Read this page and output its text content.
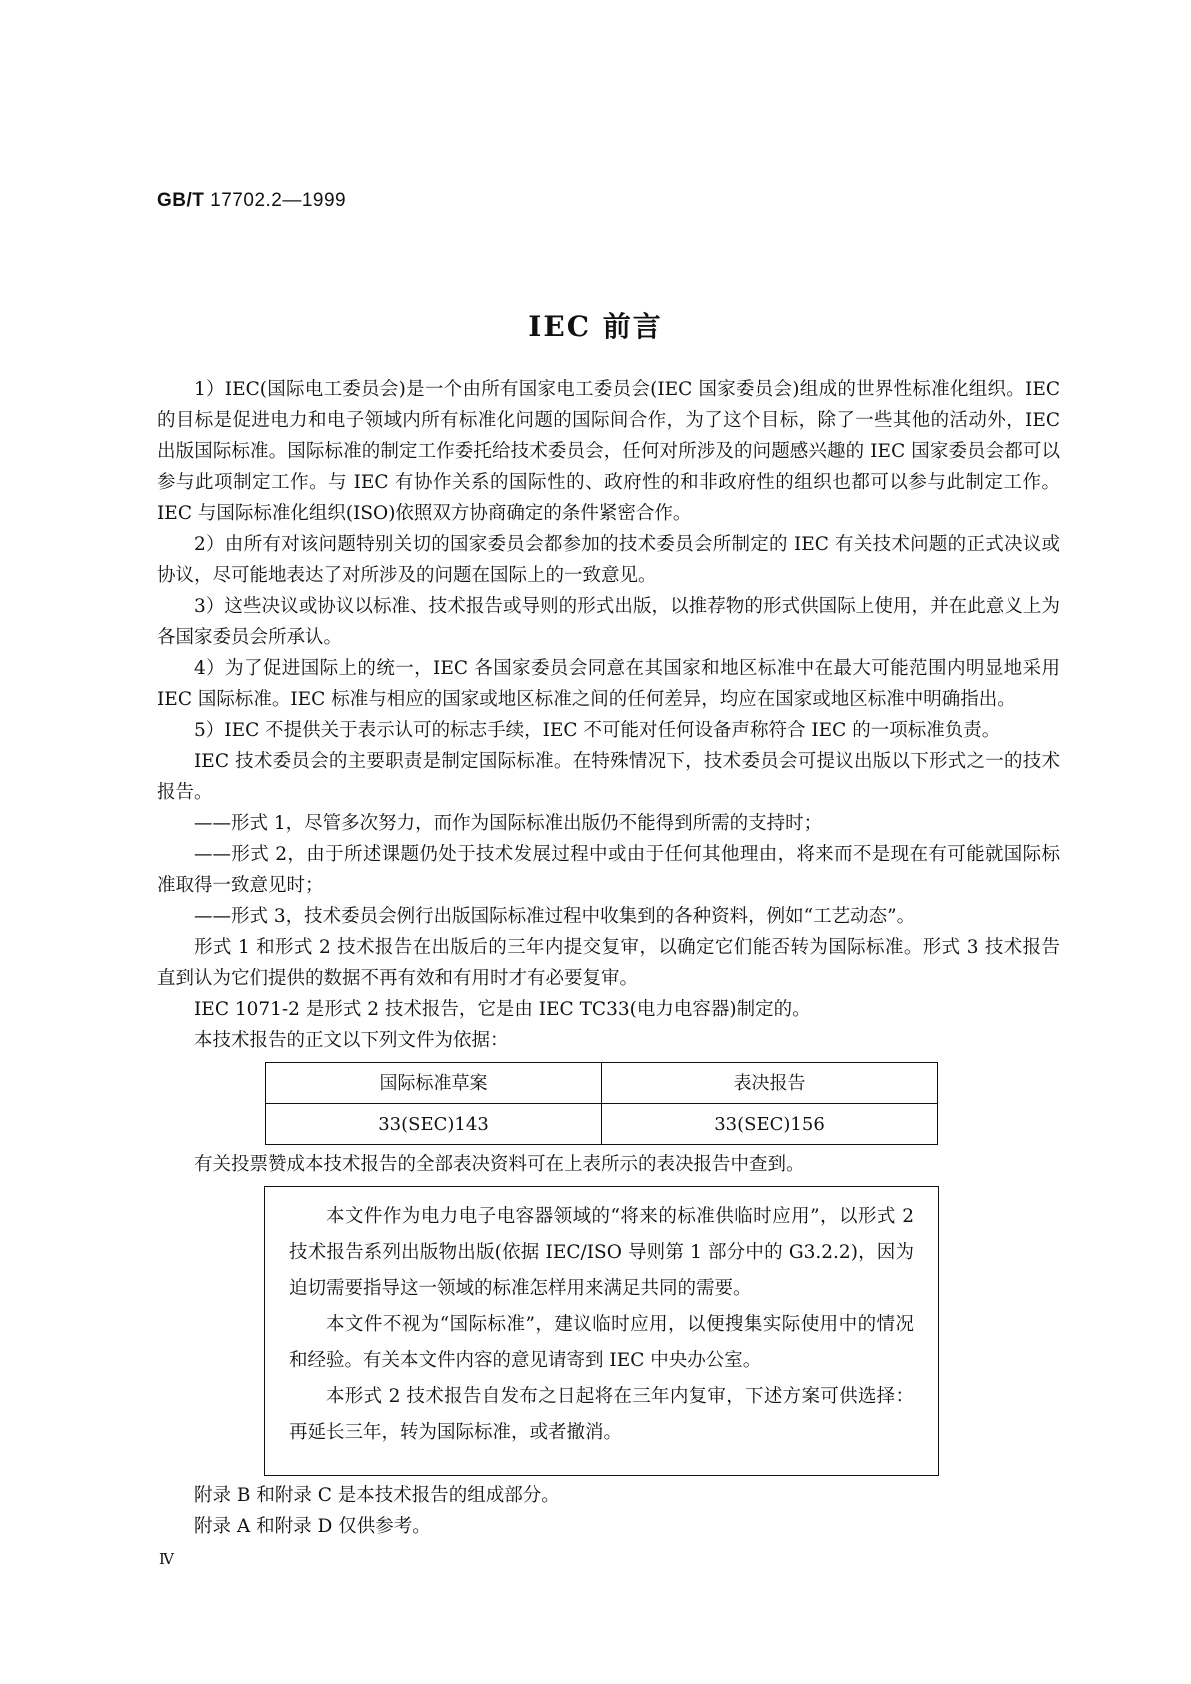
GB/T 17702.2—1999
IEC 前言

1）IEC(国际电工委员会)是一个由所有国家电工委员会(IEC 国家委员会)组成的世界性标准化组织。IEC 的目标是促进电力和电子领域内所有标准化问题的国际间合作，为了这个目标，除了一些其他的活动外，IEC 出版国际标准。国际标准的制定工作委托给技术委员会，任何对所涉及的问题感兴趣的 IEC 国家委员会都可以参与此项制定工作。与 IEC 有协作关系的国际性的、政府性的和非政府性的组织也都可以参与此制定工作。IEC 与国际标准化组织(ISO)依照双方协商确定的条件紧密合作。

2）由所有对该问题特别关切的国家委员会都参加的技术委员会所制定的 IEC 有关技术问题的正式决议或协议，尽可能地表达了对所涉及的问题在国际上的一致意见。

3）这些决议或协议以标准、技术报告或导则的形式出版，以推荐物的形式供国际上使用，并在此意义上为各国家委员会所承认。

4）为了促进国际上的统一，IEC 各国家委员会同意在其国家和地区标准中在最大可能范围内明显地采用 IEC 国际标准。IEC 标准与相应的国家或地区标准之间的任何差异，均应在国家或地区标准中明确指出。

5）IEC 不提供关于表示认可的标志手续，IEC 不可能对任何设备声称符合 IEC 的一项标准负责。

IEC 技术委员会的主要职责是制定国际标准。在特殊情况下，技术委员会可提议出版以下形式之一的技术报告。

——形式 1，尽管多次努力，而作为国际标准出版仍不能得到所需的支持时；

——形式 2，由于所述课题仍处于技术发展过程中或由于任何其他理由，将来而不是现在有可能就国际标准取得一致意见时；

——形式 3，技术委员会例行出版国际标准过程中收集到的各种资料，例如“工艺动态”。

形式 1 和形式 2 技术报告在出版后的三年内提交复审，以确定它们能否转为国际标准。形式 3 技术报告直到认为它们提供的数据不再有效和有用时才有必要复审。

IEC 1071-2 是形式 2 技术报告，它是由 IEC TC33(电力电容器)制定的。

本技术报告的正文以下列文件为依据：

国际标准草案	表决报告
33(SEC)143	33(SEC)156

有关投票赞成本技术报告的全部表决资料可在上表所示的表决报告中查到。

本文件作为电力电子电容器领域的“将来的标准供临时应用”，以形式 2 技术报告系列出版物出版(依据 IEC/ISO 导则第 1 部分中的 G3.2.2)，因为迫切需要指导这一领域的标准怎样用来满足共同的需要。

本文件不视为“国际标准”，建议临时应用，以便搜集实际使用中的情况和经验。有关本文件内容的意见请寄到 IEC 中央办公室。

本形式 2 技术报告自发布之日起将在三年内复审，下述方案可供选择：再延长三年，转为国际标准，或者撤消。

附录 B 和附录 C 是本技术报告的组成部分。

附录 A 和附录 D 仅供参考。

Ⅳ
